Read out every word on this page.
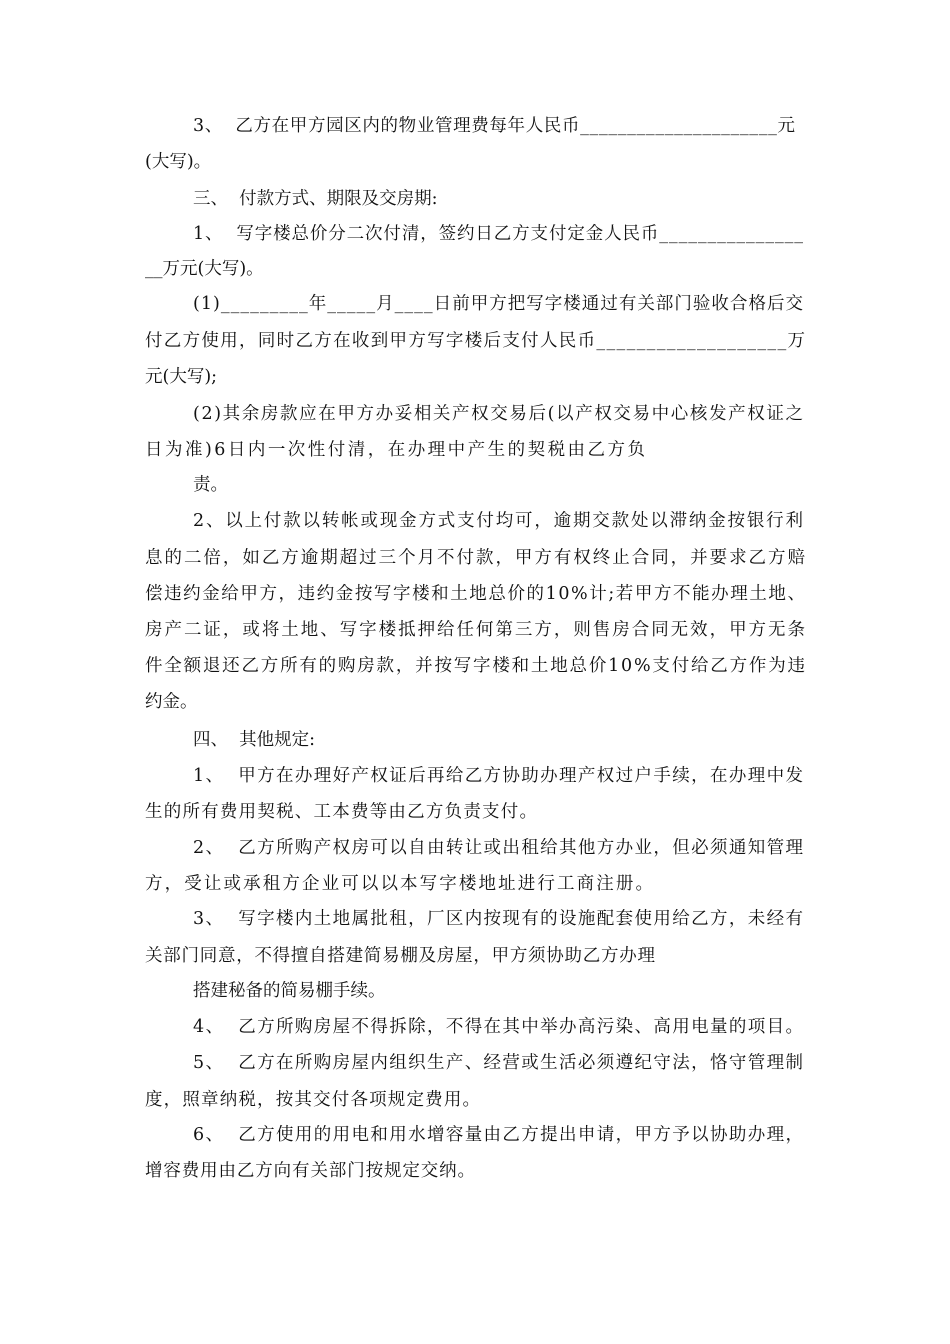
3、  乙方在甲方园区内的物业管理费每年人民币_____________________元
(大写)。
三、  付款方式、期限及交房期:
1、  写字楼总价分二次付清，签约日乙方支付定金人民币_______________
__万元(大写)。
(1)_________年_____月____日前甲方把写字楼通过有关部门验收合格后交
付乙方使用，同时乙方在收到甲方写字楼后支付人民币___________________万
元(大写);
(2)其余房款应在甲方办妥相关产权交易后(以产权交易中心核发产权证之
日为准)6日内一次性付清，在办理中产生的契税由乙方负
责。
2、以上付款以转帐或现金方式支付均可，逾期交款处以滞纳金按银行利
息的二倍，如乙方逾期超过三个月不付款，甲方有权终止合同，并要求乙方赔
偿违约金给甲方，违约金按写字楼和土地总价的10%计;若甲方不能办理土地、
房产二证，或将土地、写字楼抵押给任何第三方，则售房合同无效，甲方无条
件全额退还乙方所有的购房款，并按写字楼和土地总价10%支付给乙方作为违
约金。
四、  其他规定:
1、  甲方在办理好产权证后再给乙方协助办理产权过户手续，在办理中发
生的所有费用契税、工本费等由乙方负责支付。
2、  乙方所购产权房可以自由转让或出租给其他方办业，但必须通知管理
方，受让或承租方企业可以以本写字楼地址进行工商注册。
3、  写字楼内土地属批租，厂区内按现有的设施配套使用给乙方，未经有
关部门同意，不得擅自搭建简易棚及房屋，甲方须协助乙方办理
搭建秘备的简易棚手续。
4、  乙方所购房屋不得拆除，不得在其中举办高污染、高用电量的项目。
5、  乙方在所购房屋内组织生产、经营或生活必须遵纪守法，恪守管理制
度，照章纳税，按其交付各项规定费用。
6、  乙方使用的用电和用水增容量由乙方提出申请，甲方予以协助办理，
增容费用由乙方向有关部门按规定交纳。
